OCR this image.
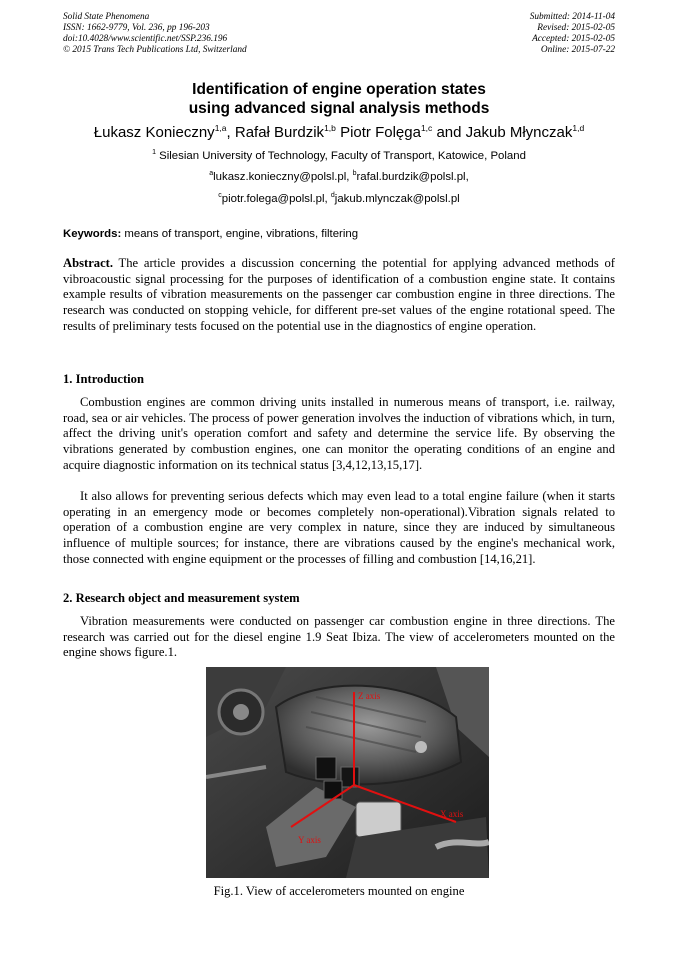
Solid State Phenomena
ISSN: 1662-9779, Vol. 236, pp 196-203
doi:10.4028/www.scientific.net/SSP.236.196
© 2015 Trans Tech Publications Ltd, Switzerland
Submitted: 2014-11-04
Revised: 2015-02-05
Accepted: 2015-02-05
Online: 2015-07-22
Identification of engine operation states
using advanced signal analysis methods
Łukasz Konieczny$^{1,a}$, Rafał Burdzik$^{1,b}$ Piotr Folęga$^{1,c}$ and Jakub Młynczak$^{1,d}$
$^1$ Silesian University of Technology, Faculty of Transport, Katowice, Poland
$^a$lukasz.konieczny@polsl.pl, $^b$rafal.burdzik@polsl.pl,
$^c$piotr.folega@polsl.pl, $^d$jakub.mlynczak@polsl.pl
Keywords: means of transport, engine, vibrations, filtering
Abstract. The article provides a discussion concerning the potential for applying advanced methods of vibroacoustic signal processing for the purposes of identification of a combustion engine state. It contains example results of vibration measurements on the passenger car combustion engine in three directions. The research was conducted on stopping vehicle, for different pre-set values of the engine rotational speed. The results of preliminary tests focused on the potential use in the diagnostics of engine operation.
1. Introduction
Combustion engines are common driving units installed in numerous means of transport, i.e. railway, road, sea or air vehicles. The process of power generation involves the induction of vibrations which, in turn, affect the driving unit's operation comfort and safety and determine the service life. By observing the vibrations generated by combustion engines, one can monitor the operating conditions of an engine and acquire diagnostic information on its technical status [3,4,12,13,15,17].
It also allows for preventing serious defects which may even lead to a total engine failure (when it starts operating in an emergency mode or becomes completely non-operational).Vibration signals related to operation of a combustion engine are very complex in nature, since they are induced by simultaneous influence of multiple sources; for instance, there are vibrations caused by the engine's mechanical work, those connected with engine equipment or the processes of filling and combustion [14,16,21].
2. Research object and measurement system
Vibration measurements were conducted on passenger car combustion engine in three directions. The research was carried out for the diesel engine 1.9 Seat Ibiza. The view of accelerometers mounted on the engine shows figure.1.
Z axis
X axis
Y axis
Fig.1. View of accelerometers mounted on engine
